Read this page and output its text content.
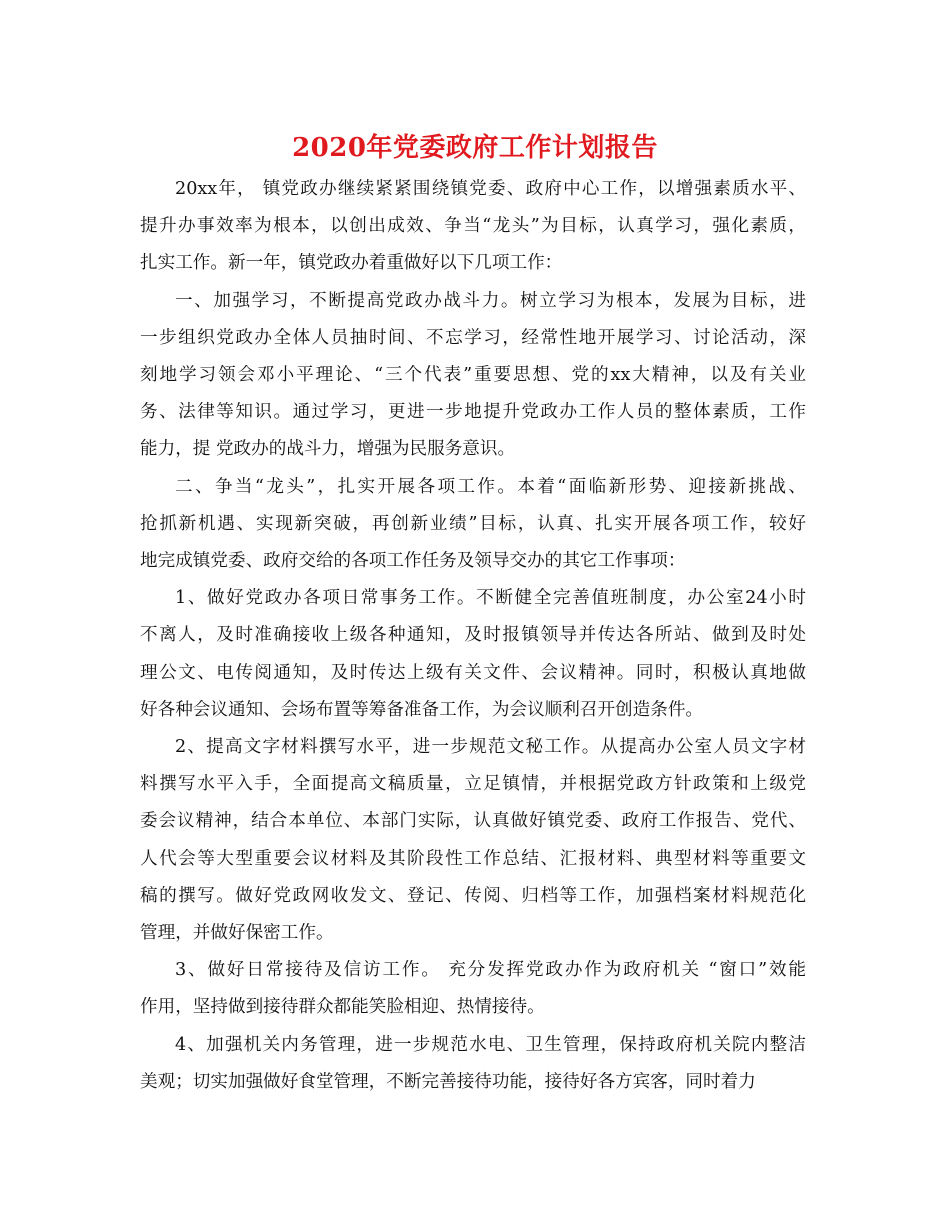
2020年党委政府工作计划报告
20xx年， 镇党政办继续紧紧围绕镇党委、政府中心工作，以增强素质水平、
提升办事效率为根本，以创出成效、争当“龙头”为目标，认真学习，强化素质，
扎实工作。新一年，镇党政办着重做好以下几项工作：
一、加强学习，不断提高党政办战斗力。树立学习为根本，发展为目标，进
一步组织党政办全体人员抽时间、不忘学习，经常性地开展学习、讨论活动，深
刻地学习领会邓小平理论、“三个代表”重要思想、党的xx大精神，以及有关业
务、法律等知识。通过学习，更进一步地提升党政办工作人员的整体素质，工作
能力，提 党政办的战斗力，增强为民服务意识。
二、争当“龙头”，扎实开展各项工作。本着“面临新形势、迎接新挑战、
抢抓新机遇、实现新突破，再创新业绩”目标，认真、扎实开展各项工作，较好
地完成镇党委、政府交给的各项工作任务及领导交办的其它工作事项：
1、做好党政办各项日常事务工作。不断健全完善值班制度，办公室24小时
不离人，及时准确接收上级各种通知，及时报镇领导并传达各所站、做到及时处
理公文、电传阅通知，及时传达上级有关文件、会议精神。同时，积极认真地做
好各种会议通知、会场布置等筹备准备工作，为会议顺利召开创造条件。
2、提高文字材料撰写水平，进一步规范文秘工作。从提高办公室人员文字材
料撰写水平入手，全面提高文稿质量，立足镇情，并根据党政方针政策和上级党
委会议精神，结合本单位、本部门实际，认真做好镇党委、政府工作报告、党代、
人代会等大型重要会议材料及其阶段性工作总结、汇报材料、典型材料等重要文
稿的撰写。做好党政网收发文、登记、传阅、归档等工作，加强档案材料规范化
管理，并做好保密工作。
3、做好日常接待及信访工作。 充分发挥党政办作为政府机关 “窗口”效能
作用，坚持做到接待群众都能笑脸相迎、热情接待。
4、加强机关内务管理，进一步规范水电、卫生管理，保持政府机关院内整洁
美观；切实加强做好食堂管理，不断完善接待功能，接待好各方宾客，同时着力
